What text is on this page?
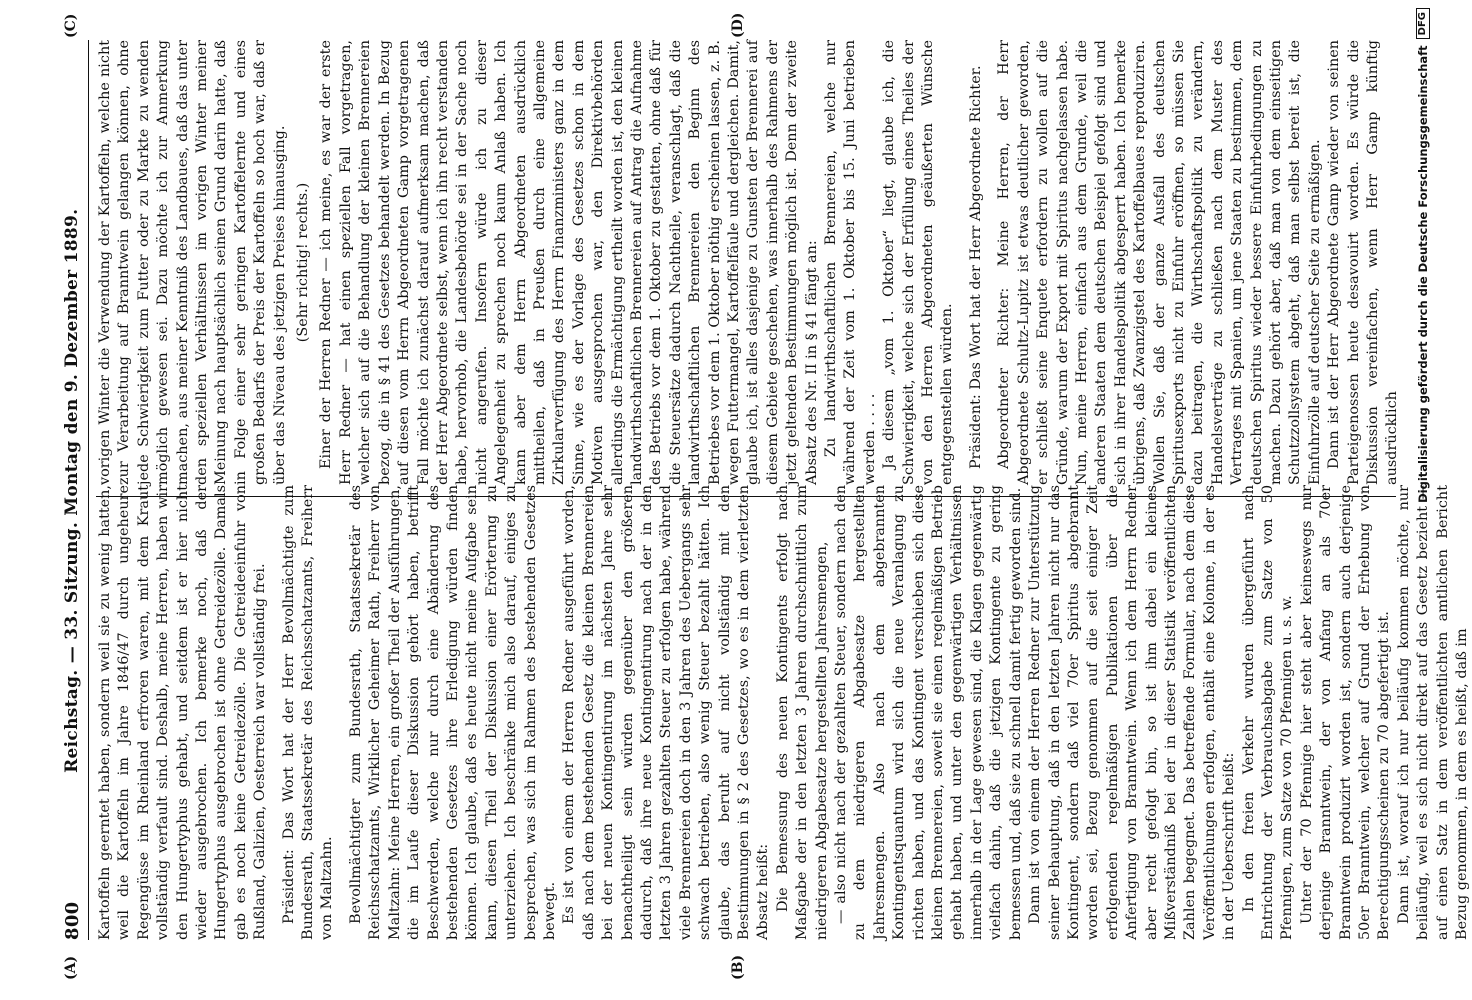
(A)	(B)
(C)	(D)
800
Reichstag. — 33. Sitzung. Montag den 9. Dezember 1889. Kartoffeln geerntet haben, sondern weil sie zu wenig hatten, weil die Kartoffeln im Jahre 1846/47 durch ungeheure Regengüsse im Rheinland erfroren waren, mit dem Kraut vollständig verfault sind. Deshalb, meine Herren, haben wir den Hungertyphus gehabt, und seitdem ist er hier nicht wieder ausgebrochen. Ich bemerke noch, daß der Hungertyphus ausgebrochen ist ohne Getreidezölle. Damals gab es noch keine Getreidezölle. Die Getreideeinfuhr von Rußland, Galizien, Oesterreich war vollständig frei. Präsident: Das Wort hat der Herr Bevollmächtigte zum Bundesrath, Staatssekretär des Reichsschatzamts, Freiherr von Maltzahn. Bevollmächtigter zum Bundesrath, Staatssekretär des Reichsschatzamts, Wirklicher Geheimer Rath, Freiherr von Maltzahn: Meine Herren, ein großer Theil der Ausführungen, die im Laufe dieser Diskussion gehört haben, betrifft Beschwerden, welche nur durch eine Abänderung des bestehenden Gesetzes ihre Erledigung würden finden können. Ich glaube, daß es heute nicht meine Aufgabe sein kann, diesen Theil der Diskussion einer Erörterung zu unterziehen. Ich beschränke mich also darauf, einiges zu besprechen, was sich im Rahmen des bestehenden Gesetzes bewegt. Es ist von einem der Herren Redner ausgeführt worden, daß nach dem bestehenden Gesetz die kleinen Brennereien bei der neuen Kontingentirung im nächsten Jahre sehr benachtheiligt sein würden gegenüber den größeren dadurch, daß ihre neue Kontingentirung nach der in den letzten 3 Jahren gezahlten Steuer zu erfolgen habe, während viele Brennereien doch in den 3 Jahren des Uebergangs sehr schwach betrieben, also wenig Steuer bezahlt hätten. Ich glaube, das beruht auf nicht vollständig mit den Bestimmungen in § 2 des Gesetzes, wo es in dem vierletzten Absatz heißt: Die Bemessung des neuen Kontingents erfolgt nach Maßgabe der in den letzten 3 Jahren durchschnittlich zum niedrigeren Abgabesatze hergestellten Jahresmengen, — also nicht nach der gezahlten Steuer, sondern nach den zu dem niedrigeren Abgabesatze hergestellten Jahresmengen. Also nach dem abgebrannten Kontingentsquantum wird sich die neue Veranlagung zu richten haben, und das Kontingent verschieben sich diese kleinen Brennereien, soweit sie einen regelmäßigen Betrieb gehabt haben, und unter den gegenwärtigen Verhältnissen innerhalb in der Lage gewesen sind, die Klagen gegenwärtig vielfach dahin, daß die jetzigen Kontingente zu gering bemessen und, daß sie zu schnell damit fertig geworden sind. Dann ist von einem der Herren Redner zur Unterstützung seiner Behauptung, daß in den letzten Jahren nicht nur das Kontingent, sondern daß viel 70er Spiritus abgebrannt worden sei, Bezug genommen auf die seit einiger Zeit erfolgenden regelmäßigen Publikationen über die Anfertigung von Branntwein. Wenn ich dem Herrn Redner aber recht gefolgt bin, so ist ihm dabei ein kleines Mißverständniß bei der in dieser Statistik veröffentlichten Zahlen begegnet. Das betreffende Formular, nach dem diese Veröffentlichungen erfolgen, enthält eine Kolonne, in der es in der Ueberschrift heißt: In den freien Verkehr wurden übergeführt nach Entrichtung der Verbrauchsabgabe zum Satze von 50 Pfennigen, zum Satze von 70 Pfennigen u. s. w. Unter der 70 Pfennige hier steht aber keineswegs nur derjenige Branntwein, der von Anfang an als 70er Branntwein produzirt worden ist, sondern auch derjenige 50er Branntwein, welcher auf Grund der Erhebung von Berechtigungsscheinen zu 70 abgefertigt ist. Dann ist, worauf ich nur beiläufig kommen möchte, nur beiläufig, weil es sich nicht direkt auf das Gesetz bezieht — auf einen Satz in dem veröffentlichten amtlichen Bericht Bezug genommen, in dem es heißt, daß im

vorigen Winter die Verwendung der Kartoffeln, welche nicht zur Verarbeitung auf Branntwein gelangen können, ohne jede Schwierigkeit zum Futter oder zu Markte zu wenden möglich gewesen sei. Dazu möchte ich zur Anmerkung machen, aus meiner Kenntniß des Landbaues, daß das unter den speziellen Verhältnissen im vorigen Winter meiner Meinung nach hauptsächlich seinen Grund darin hatte, daß in Folge einer sehr geringen Kartoffelernte und eines großen Bedarfs der Preis der Kartoffeln so hoch war, daß er über das Niveau des jetzigen Preises hinausging. (Sehr richtig! rechts.) Einer der Herren Redner — ich meine, es war der erste Herr Redner — hat einen speziellen Fall vorgetragen, welcher sich auf die Behandlung der kleinen Brennereien bezog, die in § 41 des Gesetzes behandelt werden. In Bezug auf diesen vom Herrn Abgeordneten Gamp vorgetragenen Fall möchte ich zunächst darauf aufmerksam machen, daß der Herr Abgeordnete selbst, wenn ich ihn recht verstanden habe, hervorhob, die Landesbehörde sei in der Sache noch nicht angerufen. Insofern würde ich zu dieser Angelegenheit zu sprechen noch kaum Anlaß haben. Ich kann aber dem Herrn Abgeordneten ausdrücklich mittheilen, daß in Preußen durch eine allgemeine Zirkularverfügung des Herrn Finanzministers ganz in dem Sinne, wie es der Vorlage des Gesetzes schon in dem Motiven ausgesprochen war, den Direktivbehörden allerdings die Ermächtigung ertheilt worden ist, den kleinen landwirthschaftlichen Brennereien auf Antrag die Aufnahme des Betriebs vor dem 1. Oktober zu gestatten, ohne daß für die Steuersätze dadurch Nachtheile, veranschlagt, daß die landwirthschaftlichen Brennereien den Beginn des Betriebes vor dem 1. Oktober nöthig erscheinen lassen, z. B. wegen Futtermangel, Kartoffelfäule und dergleichen. Damit, glaube ich, ist alles dasjenige zu Gunsten der Brennerei auf diesem Gebiete geschehen, was innerhalb des Rahmens der jetzt geltenden Bestimmungen möglich ist. Denn der zweite Absatz des Nr. II in § 41 fängt an: Zu landwirthschaftlichen Brennereien, welche nur während der Zeit vom 1. Oktober bis 15. Juni betrieben werden . . . . Ja diesem „vom 1. Oktober“ liegt, glaube ich, die Schwierigkeit, welche sich der Erfüllung eines Theiles der von den Herren Abgeordneten geäußerten Wünsche entgegenstellen würden. Präsident: Das Wort hat der Herr Abgeordnete Richter. Abgeordneter Richter: Meine Herren, der Herr Abgeordnete Schultz-Lupitz ist etwas deutlicher geworden, er schließt seine Enquete erfordern zu wollen auf die Gründe, warum der Export mit Spiritus nachgelassen habe. Nun, meine Herren, einfach aus dem Grunde, weil die anderen Staaten dem deutschen Beispiel gefolgt sind und sich in ihrer Handelspolitik abgesperrt haben. Ich bemerke übrigens, daß Zwanzigstel des Kartoffelbaues reproduziren. Wollen Sie, daß der ganze Ausfall des deutschen Spiritusexports nicht zu Einfuhr eröffnen, so müssen Sie dazu beitragen, die Wirthschaftspolitik zu verändern, Handelsverträge zu schließen nach dem Muster des Vertrages mit Spanien, um jene Staaten zu bestimmen, dem deutschen Spiritus wieder bessere Einfuhrbedingungen zu machen. Dazu gehört aber, daß man von dem einseitigen Schutzzollsystem abgeht, daß man selbst bereit ist, die Einfuhrzölle auf deutscher Seite zu ermäßigen. Dann ist der Herr Abgeordnete Gamp wieder von seinen Parteigenossen heute desavouirt worden. Es würde die Diskussion vereinfachen, wenn Herr Gamp künftig ausdrücklich Digitalisierung gefördert durch die Deutsche Forschungsgemeinschaft
DFG
